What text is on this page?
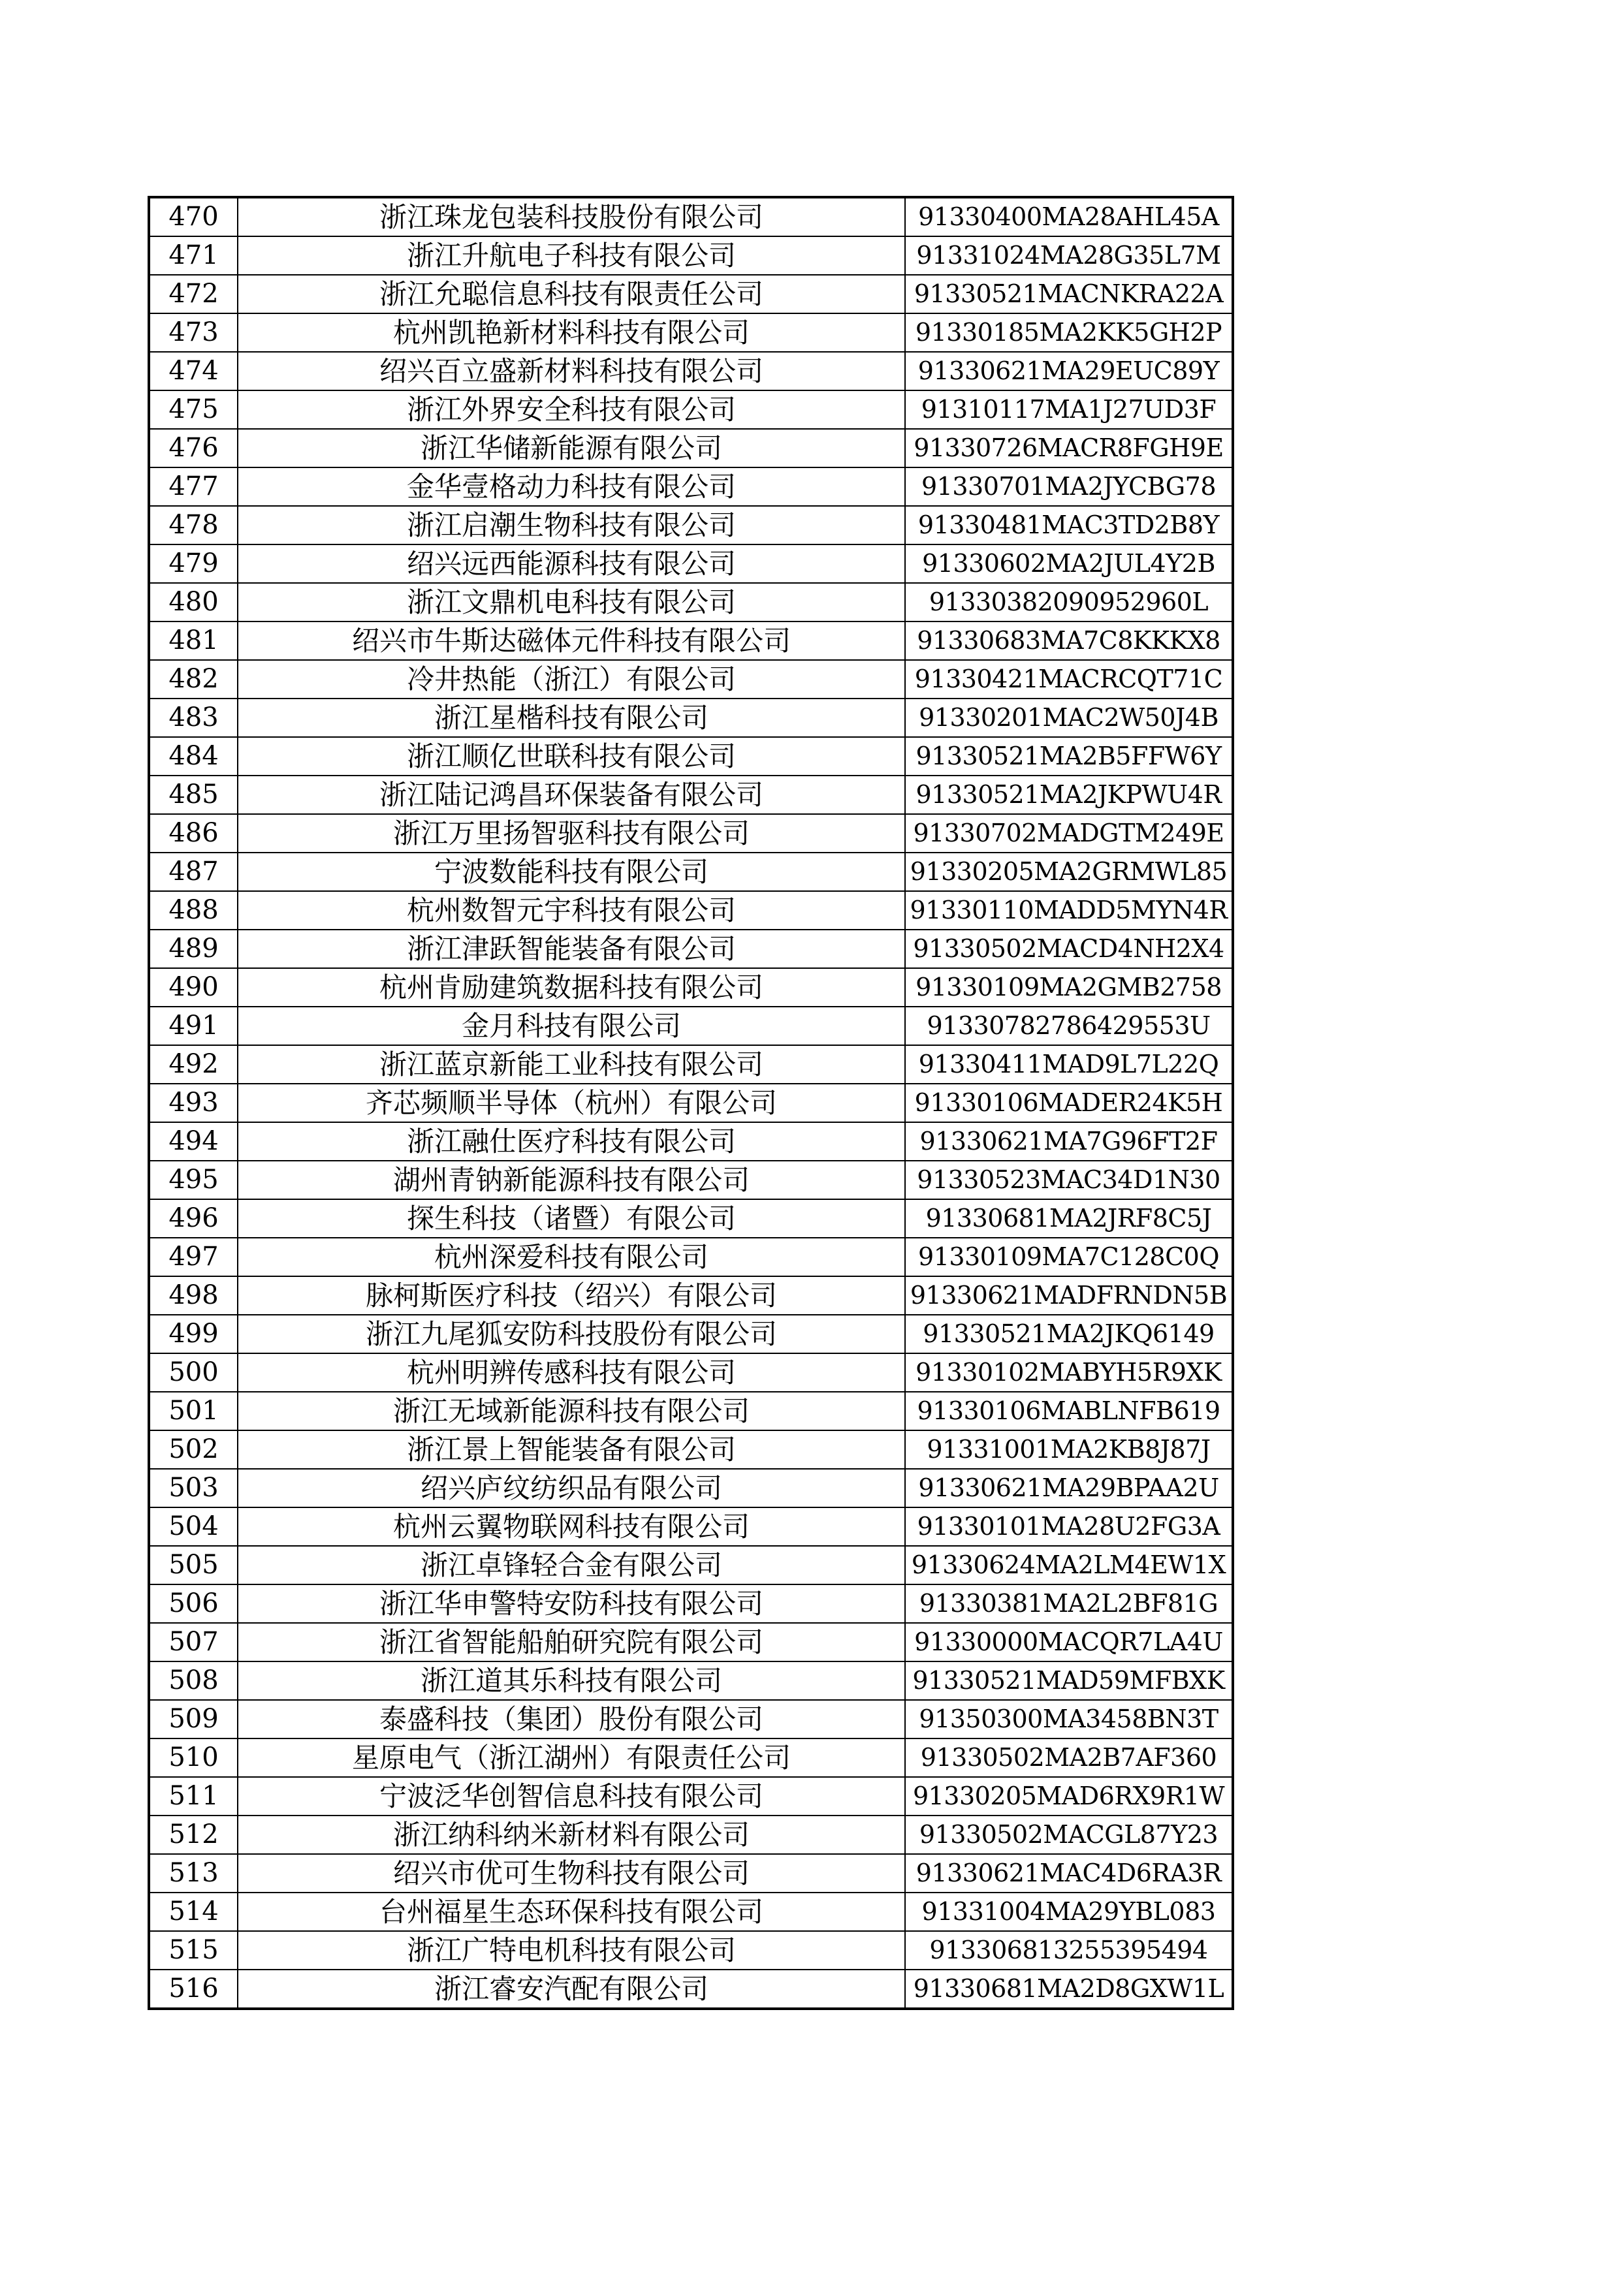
470	浙江珠龙包装科技股份有限公司	91330400MA28AHL45A
471	浙江升航电子科技有限公司	91331024MA28G35L7M
472	浙江允聪信息科技有限责任公司	91330521MACNKRA22A
473	杭州凯艳新材料科技有限公司	91330185MA2KK5GH2P
474	绍兴百立盛新材料科技有限公司	91330621MA29EUC89Y
475	浙江外界安全科技有限公司	91310117MA1J27UD3F
476	浙江华储新能源有限公司	91330726MACR8FGH9E
477	金华壹格动力科技有限公司	91330701MA2JYCBG78
478	浙江启潮生物科技有限公司	91330481MAC3TD2B8Y
479	绍兴远西能源科技有限公司	91330602MA2JUL4Y2B
480	浙江文鼎机电科技有限公司	91330382090952960L
481	绍兴市牛斯达磁体元件科技有限公司	91330683MA7C8KKKX8
482	冷井热能（浙江）有限公司	91330421MACRCQT71C
483	浙江星楷科技有限公司	91330201MAC2W50J4B
484	浙江顺亿世联科技有限公司	91330521MA2B5FFW6Y
485	浙江陆记鸿昌环保装备有限公司	91330521MA2JKPWU4R
486	浙江万里扬智驱科技有限公司	91330702MADGTM249E
487	宁波数能科技有限公司	91330205MA2GRMWL85
488	杭州数智元宇科技有限公司	91330110MADD5MYN4R
489	浙江津跃智能装备有限公司	91330502MACD4NH2X4
490	杭州肯励建筑数据科技有限公司	91330109MA2GMB2758
491	金月科技有限公司	91330782786429553U
492	浙江蓝京新能工业科技有限公司	91330411MAD9L7L22Q
493	齐芯频顺半导体（杭州）有限公司	91330106MADER24K5H
494	浙江融仕医疗科技有限公司	91330621MA7G96FT2F
495	湖州青钠新能源科技有限公司	91330523MAC34D1N30
496	探生科技（诸暨）有限公司	91330681MA2JRF8C5J
497	杭州深爱科技有限公司	91330109MA7C128C0Q
498	脉柯斯医疗科技（绍兴）有限公司	91330621MADFRNDN5B
499	浙江九尾狐安防科技股份有限公司	91330521MA2JKQ6149
500	杭州明辨传感科技有限公司	91330102MABYH5R9XK
501	浙江无域新能源科技有限公司	91330106MABLNFB619
502	浙江景上智能装备有限公司	91331001MA2KB8J87J
503	绍兴庐纹纺织品有限公司	91330621MA29BPAA2U
504	杭州云翼物联网科技有限公司	91330101MA28U2FG3A
505	浙江卓锋轻合金有限公司	91330624MA2LM4EW1X
506	浙江华申警特安防科技有限公司	91330381MA2L2BF81G
507	浙江省智能船舶研究院有限公司	91330000MACQR7LA4U
508	浙江道其乐科技有限公司	91330521MAD59MFBXK
509	泰盛科技（集团）股份有限公司	91350300MA3458BN3T
510	星原电气（浙江湖州）有限责任公司	91330502MA2B7AF360
511	宁波泛华创智信息科技有限公司	91330205MAD6RX9R1W
512	浙江纳科纳米新材料有限公司	91330502MACGL87Y23
513	绍兴市优可生物科技有限公司	91330621MAC4D6RA3R
514	台州福星生态环保科技有限公司	91331004MA29YBL083
515	浙江广特电机科技有限公司	913306813255395494
516	浙江睿安汽配有限公司	91330681MA2D8GXW1L
